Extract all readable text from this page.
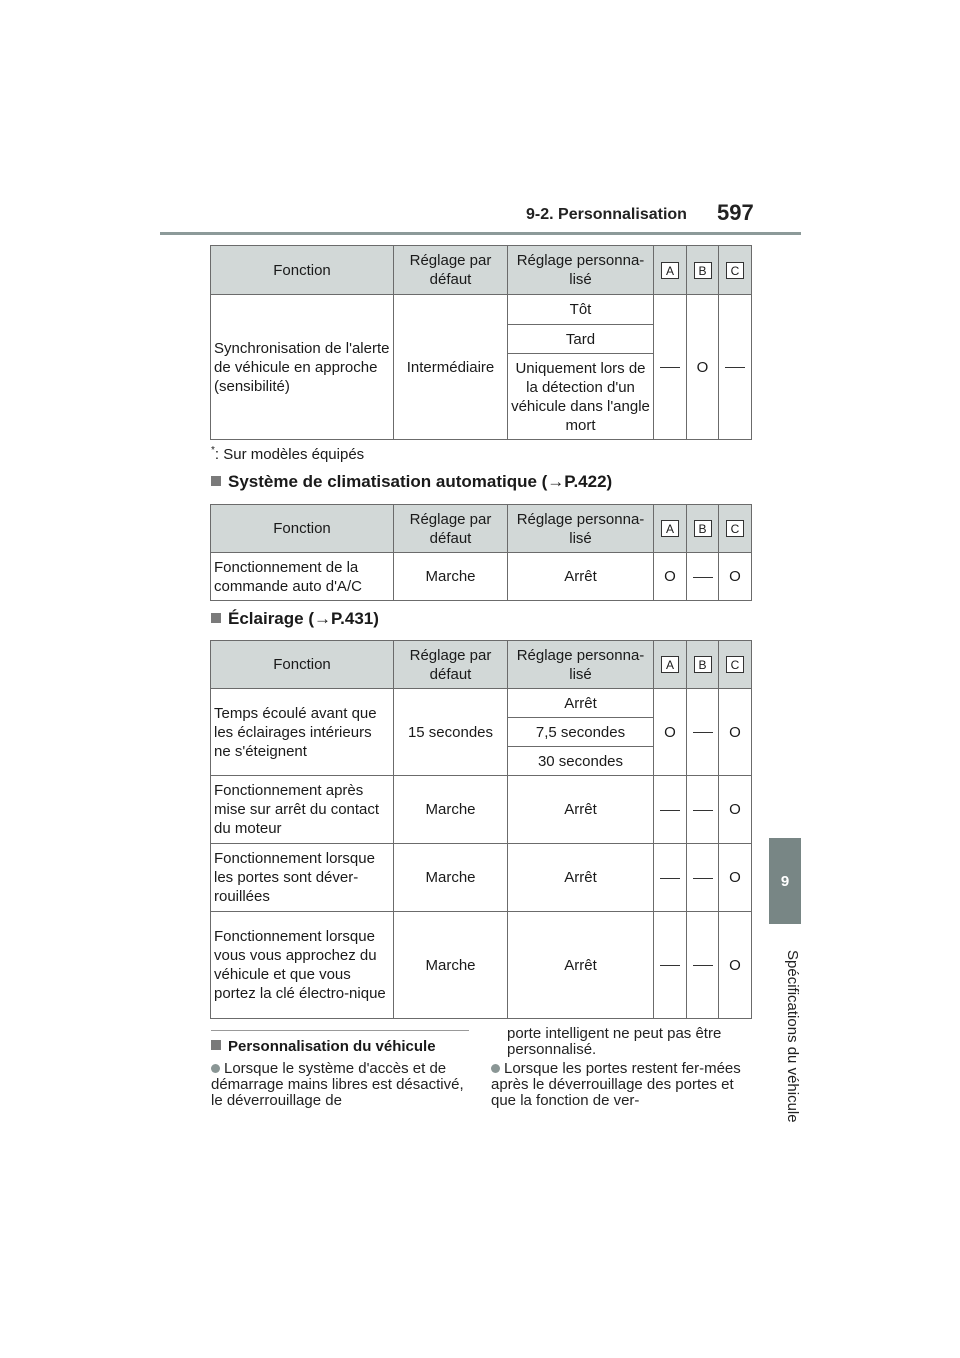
9-2. Personnalisation 597
9
Spécifications du véhicule
Fonction	Réglage par défaut	Réglage personna-lisé	A	B	C
Synchronisation de l'alerte de véhicule en approche (sensibilité)	Intermédiaire	Tôt		O	
		Tard			
		Uniquement lors de la détection d'un véhicule dans l'angle mort			
*: Sur modèles équipés
Système de climatisation automatique (→P.422)
Fonction	Réglage par défaut	Réglage personna-lisé	A	B	C
Fonctionnement de la commande auto d'A/C	Marche	Arrêt	O		O
Éclairage (→P.431)
Fonction	Réglage par défaut	Réglage personna-lisé	A	B	C
Temps écoulé avant que les éclairages intérieurs ne s'éteignent	15 secondes	Arrêt	O		O
		7,5 secondes			
		30 secondes			
Fonctionnement après mise sur arrêt du contact du moteur	Marche	Arrêt			O
Fonctionnement lorsque les portes sont déver-rouillées	Marche	Arrêt			O
Fonctionnement lorsque vous vous approchez du véhicule et que vous portez la clé électro-nique	Marche	Arrêt			O
Personnalisation du véhicule
Lorsque le système d'accès et de démarrage mains libres est désactivé, le déverrouillage de
porte intelligent ne peut pas être personnalisé.
Lorsque les portes restent fer-mées après le déverrouillage des portes et que la fonction de ver-
